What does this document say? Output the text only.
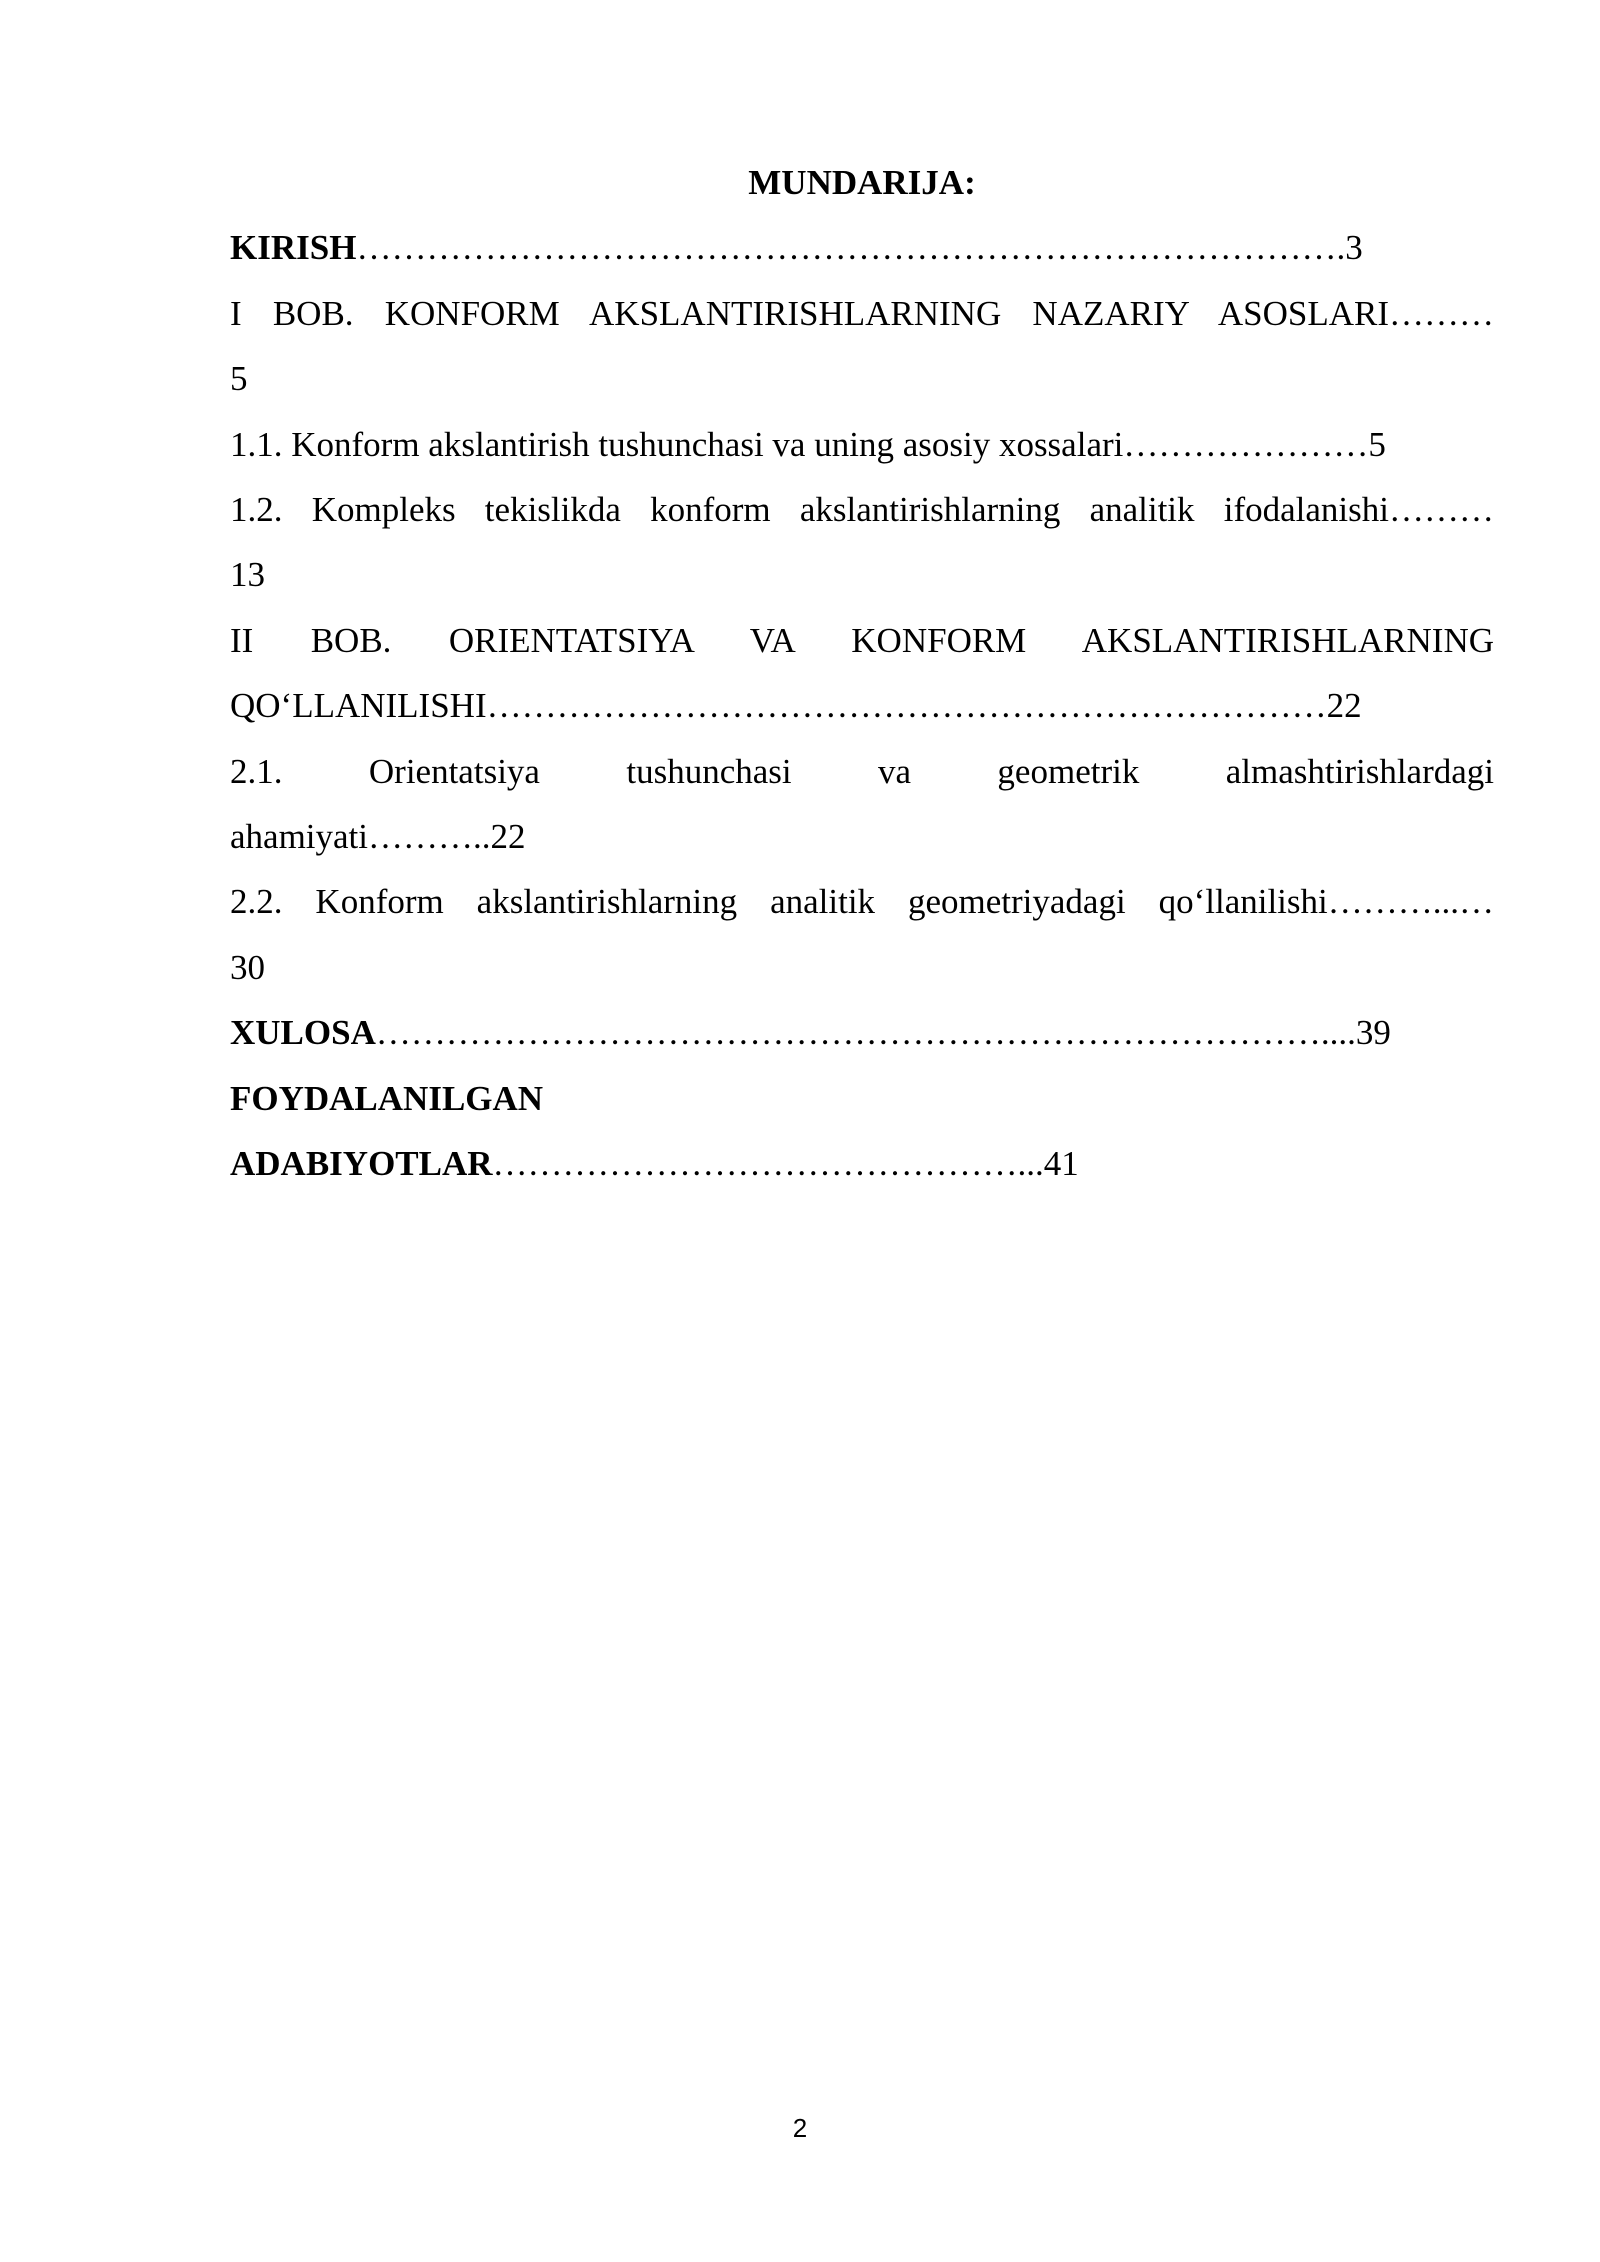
MUNDARIJA:

KIRISH………………………………………………………………………….3

I BOB. KONFORM AKSLANTIRISHLARNING NAZARIY ASOSLARI………
5

1.1. Konform akslantirish tushunchasi va uning asosiy xossalari…………………5

1.2. Kompleks tekislikda konform akslantirishlarning analitik ifodalanishi………
13

II BOB. ORIENTATSIYA VA KONFORM AKSLANTIRISHLARNING
QO‘LLANILISHI………………………………………………………………22

2.1. Orientatsiya tushunchasi va geometrik almashtirishlardagi
ahamiyati………..22

2.2. Konform akslantirishlarning analitik geometriyadagi qo‘llanilishi………...…
30

XULOSA………………………………………………………………………....39

FOYDALANILGAN
ADABIYOTLAR………………………………………...41

2
